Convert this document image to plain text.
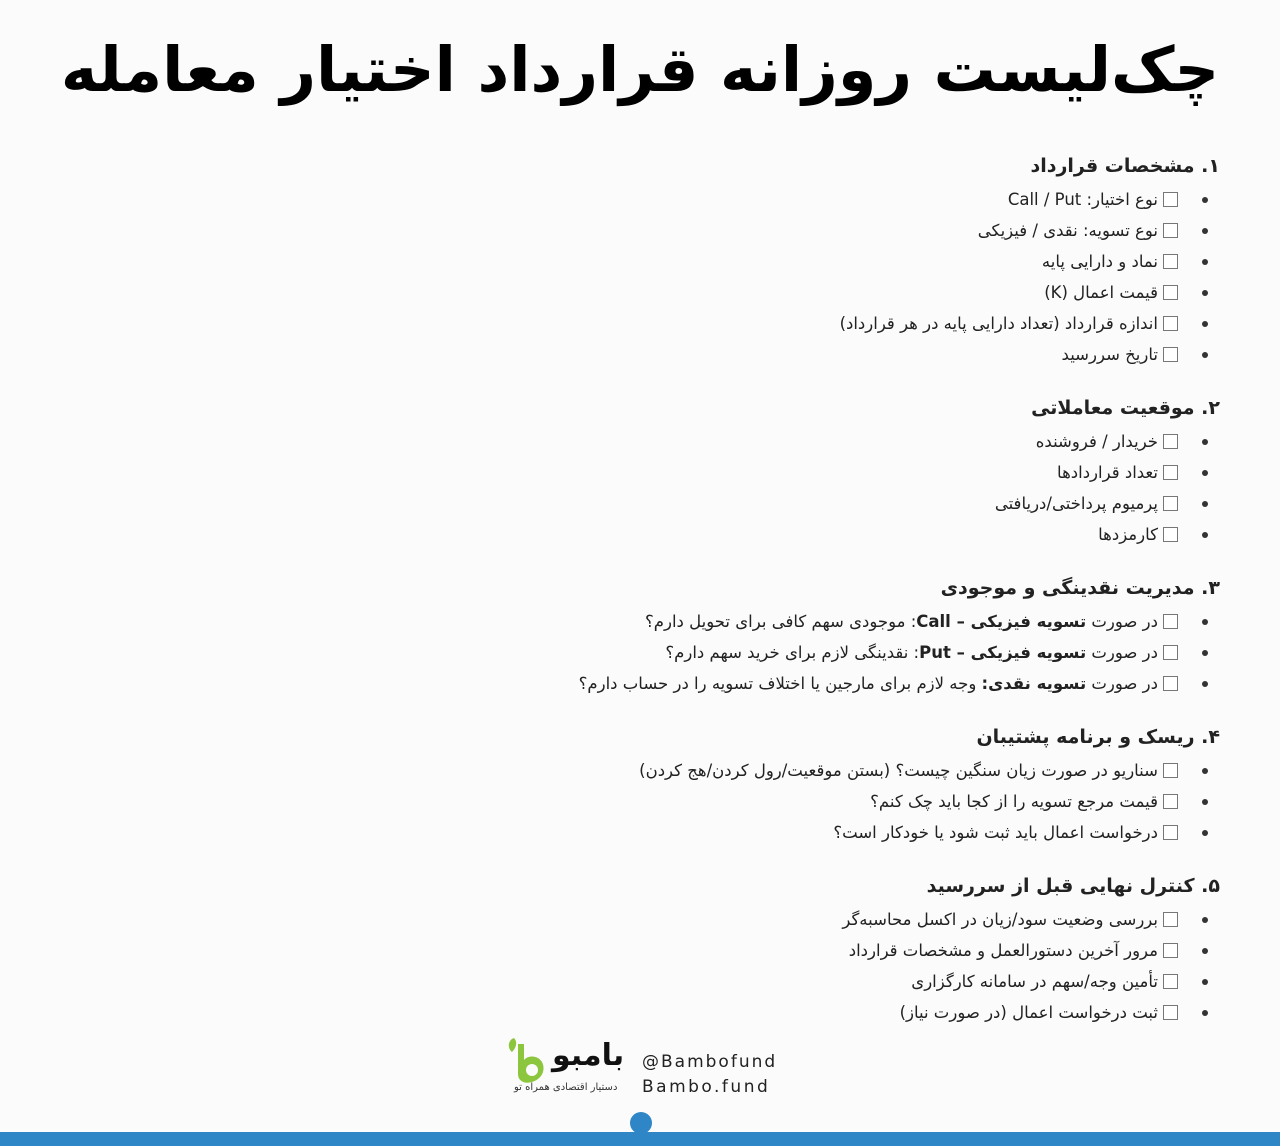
چک‌لیست روزانه قرارداد اختیار معامله
۱. مشخصات قرارداد
نوع اختیار: Call / Put
نوع تسویه: نقدی / فیزیکی
نماد و دارایی پایه
قیمت اعمال (K)
اندازه قرارداد (تعداد دارایی پایه در هر قرارداد)
تاریخ سررسید
۲. موقعیت معاملاتی
خریدار / فروشنده
تعداد قراردادها
پرمیوم پرداختی/دریافتی
کارمزدها
۳. مدیریت نقدینگی و موجودی
در صورت تسویه فیزیکی – Call: موجودی سهم کافی برای تحویل دارم؟
در صورت تسویه فیزیکی – Put: نقدینگی لازم برای خرید سهم دارم؟
در صورت تسویه نقدی: وجه لازم برای مارجین یا اختلاف تسویه را در حساب دارم؟
۴. ریسک و برنامه پشتیبان
سناریو در صورت زیان سنگین چیست؟ (بستن موقعیت/رول کردن/هج کردن)
قیمت مرجع تسویه را از کجا باید چک کنم؟
درخواست اعمال باید ثبت شود یا خودکار است؟
۵. کنترل نهایی قبل از سررسید
بررسی وضعیت سود/زیان در اکسل محاسبه‌گر
مرور آخرین دستورالعمل و مشخصات قرارداد
تأمین وجه/سهم در سامانه کارگزاری
ثبت درخواست اعمال (در صورت نیاز)
بامبو
دستیار اقتصادی همراه تو
@Bambofund
Bambo.fund
